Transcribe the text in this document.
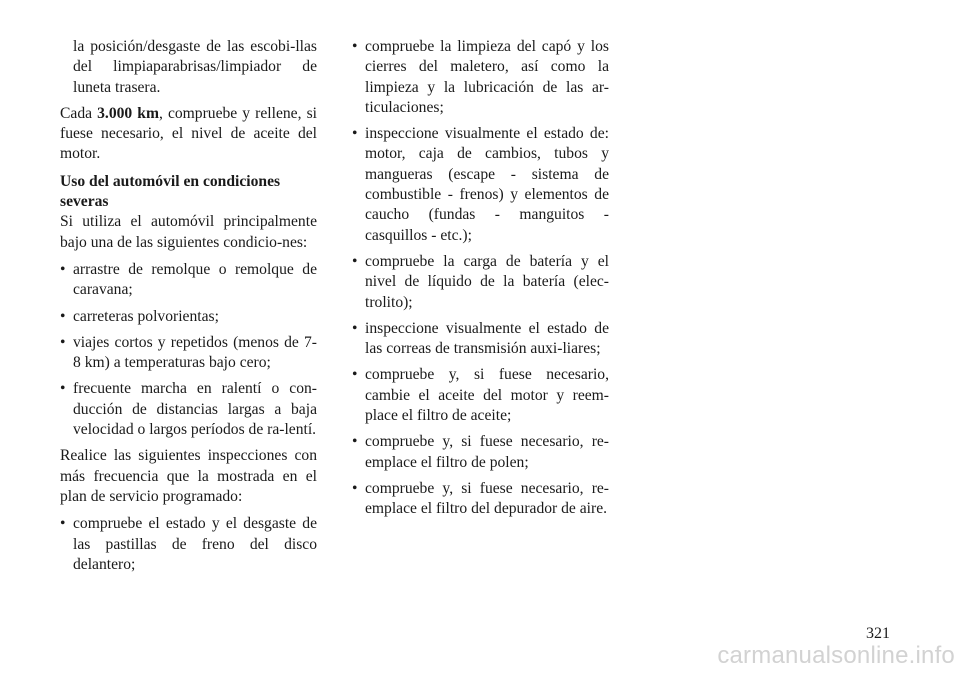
la posición/desgaste de las escobi-llas del limpiaparabrisas/limpiador de luneta trasera.

Cada 3.000 km, compruebe y rellene, si fuese necesario, el nivel de aceite del motor.

Uso del automóvil en condiciones severas

Si utiliza el automóvil principalmente bajo una de las siguientes condicio-nes:

• arrastre de remolque o remolque de caravana;
• carreteras polvorientas;
• viajes cortos y repetidos (menos de 7-8 km) a temperaturas bajo cero;
• frecuente marcha en ralentí o con-ducción de distancias largas a baja velocidad o largos períodos de ra-lentí.

Realice las siguientes inspecciones con más frecuencia que la mostrada en el plan de servicio programado:

• compruebe el estado y el desgaste de las pastillas de freno del disco delantero;
• compruebe la limpieza del capó y los cierres del maletero, así como la limpieza y la lubricación de las ar-ticulaciones;
• inspeccione visualmente el estado de: motor, caja de cambios, tubos y mangueras (escape - sistema de combustible - frenos) y elementos de caucho (fundas - manguitos - casquillos - etc.);
• compruebe la carga de batería y el nivel de líquido de la batería (elec-trolito);
• inspeccione visualmente el estado de las correas de transmisión auxi-liares;
• compruebe y, si fuese necesario, cambie el aceite del motor y reem-place el filtro de aceite;
• compruebe y, si fuese necesario, re-emplace el filtro de polen;
• compruebe y, si fuese necesario, re-emplace el filtro del depurador de aire.
321
carmanualsonline.info
